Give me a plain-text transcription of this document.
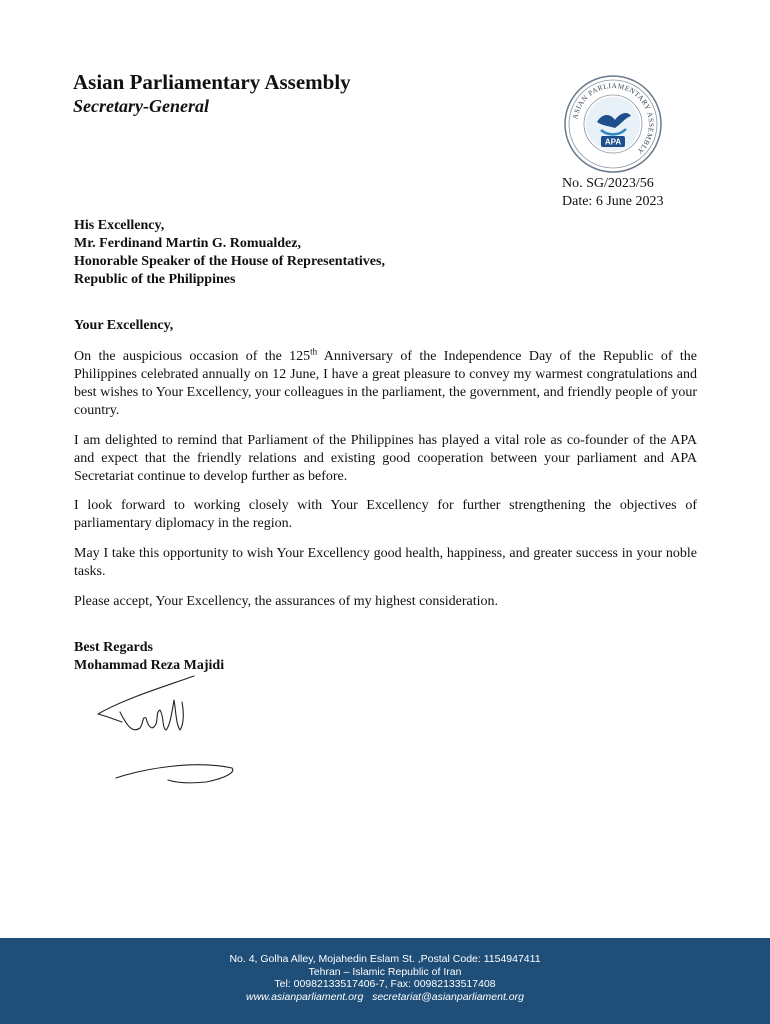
Asian Parliamentary Assembly
Secretary-General
ASIAN PARLIAMENTARY ASSEMBLY
APA
No. SG/2023/56
Date: 6 June 2023
His Excellency,
Mr. Ferdinand Martin G. Romualdez,
Honorable Speaker of the House of Representatives,
Republic of the Philippines
Your Excellency,
On the auspicious occasion of the 125th Anniversary of the Independence Day of the Republic of the Philippines celebrated annually on 12 June, I have a great pleasure to convey my warmest congratulations and best wishes to Your Excellency, your colleagues in the parliament, the government, and friendly people of your country.
I am delighted to remind that Parliament of the Philippines has played a vital role as co-founder of the APA and expect that the friendly relations and existing good cooperation between your parliament and APA Secretariat continue to develop further as before.
I look forward to working closely with Your Excellency for further strengthening the objectives of parliamentary diplomacy in the region.
May I take this opportunity to wish Your Excellency good health, happiness, and greater success in your noble tasks.
Please accept, Your Excellency, the assurances of my highest consideration.
Best Regards
Mohammad Reza Majidi
No. 4, Golha Alley, Mojahedin Eslam St. ,Postal Code: 1154947411
Tehran – Islamic Republic of Iran
Tel: 00982133517406-7, Fax: 00982133517408
www.asianparliament.org secretariat@asianparliament.org
